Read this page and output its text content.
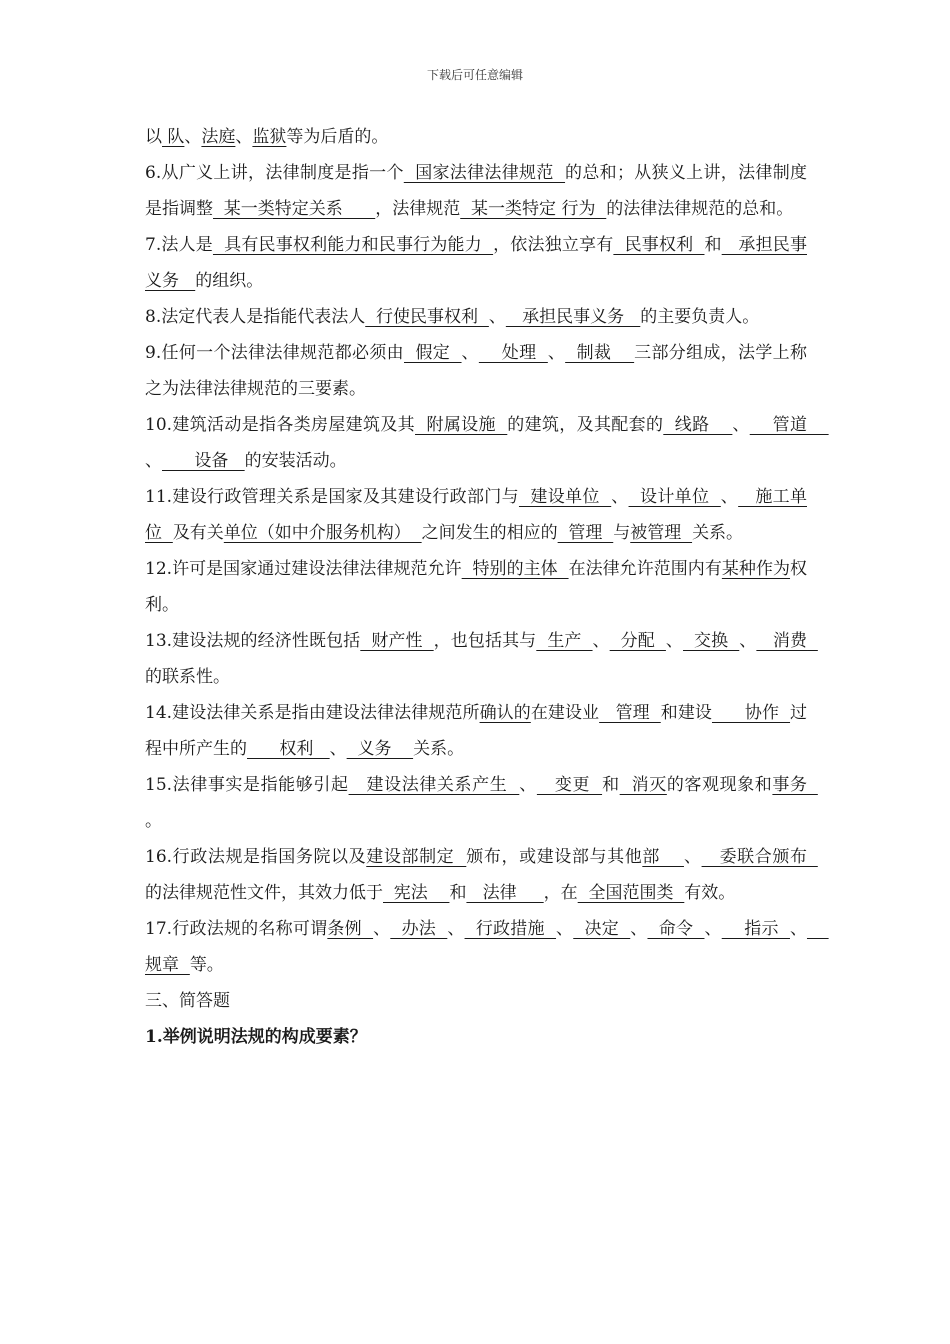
下载后可任意编辑

以 队、法庭、监狱等为后盾的。

6.从广义上讲，法律制度是指一个  国家法律法律规范  的总和；从狭义上讲，法律制度是指调整  某一类特定关系      ，法律规范  某一类特定 行为  的法律法律规范的总和。

7.法人是  具有民事权利能力和民事行为能力  ，依法独立享有  民事权利  和   承担民事义务   的组织。

8.法定代表人是指能代表法人  行使民事权利  、   承担民事义务   的主要负责人。

9.任何一个法律法律规范都必须由  假定  、    处理  、  制裁    三部分组成，法学上称之为法律法律规范的三要素。

10.建筑活动是指各类房屋建筑及其  附属设施  的建筑，及其配套的  线路    、    管道    、      设备   的安装活动。

11.建设行政管理关系是国家及其建设行政部门与  建设单位  、  设计单位  、   施工单位  及有关单位（如中介服务机构）  之间发生的相应的  管理  与被管理  关系。

12.许可是国家通过建设法律法律规范允许  特别的主体  在法律允许范围内有某种作为权利。

13.建设法规的经济性既包括  财产性  ，也包括其与  生产  、  分配  、  交换  、   消费  的联系性。

14.建设法律关系是指由建设法律法律规范所确认的在建设业   管理  和建设      协作  过程中所产生的      权利   、  义务    关系。

15.法律事实是指能够引起   建设法律关系产生  、   变更  和  消灭的客观现象和事务  。

16.行政法规是指国务院以及建设部制定  颁布，或建设部与其他部    、   委联合颁布  的法律规范性文件，其效力低于  宪法    和   法律     ，在  全国范围类  有效。

17.行政法规的名称可谓条例  、  办法  、  行政措施  、  决定  、  命令  、    指示  、    规章  等。

三、简答题

1.举例说明法规的构成要素？
